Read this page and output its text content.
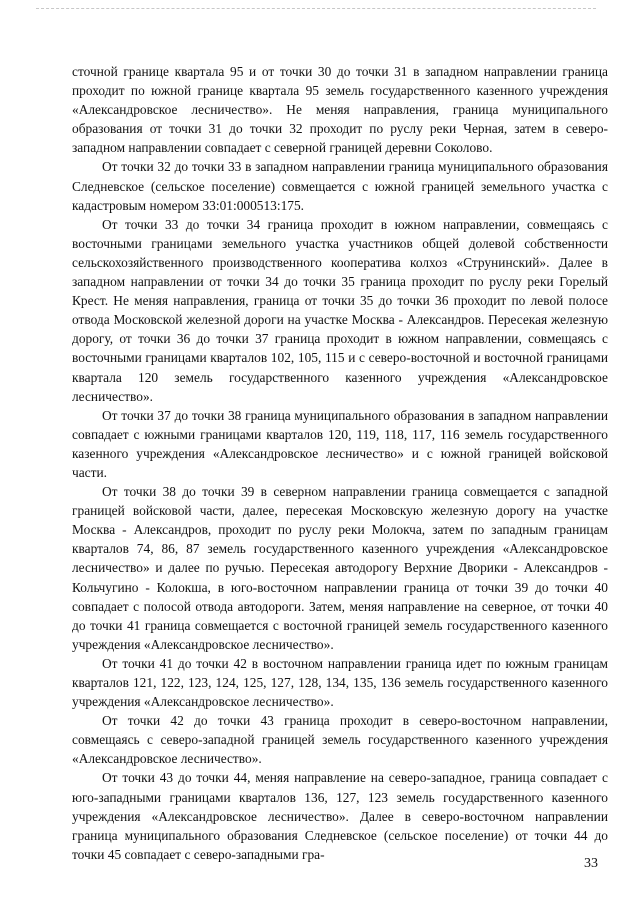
сточной границе квартала 95 и от точки 30 до точки 31 в западном направлении граница проходит по южной границе квартала 95 земель государственного казенного учреждения «Александровское лесничество». Не меняя направления, граница муниципального образования от точки 31 до точки 32 проходит по руслу реки Черная, затем в северо-западном направлении совпадает с северной границей деревни Соколово.

От точки 32 до точки 33 в западном направлении граница муниципального образования Следневское (сельское поселение) совмещается с южной границей земельного участка с кадастровым номером 33:01:000513:175.

От точки 33 до точки 34 граница проходит в южном направлении, совмещаясь с восточными границами земельного участка участников общей долевой собственности сельскохозяйственного производственного кооператива колхоз «Струнинский». Далее в западном направлении от точки 34 до точки 35 граница проходит по руслу реки Горелый Крест. Не меняя направления, граница от точки 35 до точки 36 проходит по левой полосе отвода Московской железной дороги на участке Москва - Александров. Пересекая железную дорогу, от точки 36 до точки 37 граница проходит в южном направлении, совмещаясь с восточными границами кварталов 102, 105, 115 и с северо-восточной и восточной границами квартала 120 земель государственного казенного учреждения «Александровское лесничество».

От точки 37 до точки 38 граница муниципального образования в западном направлении совпадает с южными границами кварталов 120, 119, 118, 117, 116 земель государственного казенного учреждения «Александровское лесничество» и с южной границей войсковой части.

От точки 38 до точки 39 в северном направлении граница совмещается с западной границей войсковой части, далее, пересекая Московскую железную дорогу на участке Москва - Александров, проходит по руслу реки Молокча, затем по западным границам кварталов 74, 86, 87 земель государственного казенного учреждения «Александровское лесничество» и далее по ручью. Пересекая автодорогу Верхние Дворики - Александров - Кольчугино - Колокша, в юго-восточном направлении граница от точки 39 до точки 40 совпадает с полосой отвода автодороги. Затем, меняя направление на северное, от точки 40 до точки 41 граница совмещается с восточной границей земель государственного казенного учреждения «Александровское лесничество».

От точки 41 до точки 42 в восточном направлении граница идет по южным границам кварталов 121, 122, 123, 124, 125, 127, 128, 134, 135, 136 земель государственного казенного учреждения «Александровское лесничество».

От точки 42 до точки 43 граница проходит в северо-восточном направлении, совмещаясь с северо-западной границей земель государственного казенного учреждения «Александровское лесничество».

От точки 43 до точки 44, меняя направление на северо-западное, граница совпадает с юго-западными границами кварталов 136, 127, 123 земель государственного казенного учреждения «Александровское лесничество». Далее в северо-восточном направлении граница муниципального образования Следневское (сельское поселение) от точки 44 до точки 45 совпадает с северо-западными гра-

33
